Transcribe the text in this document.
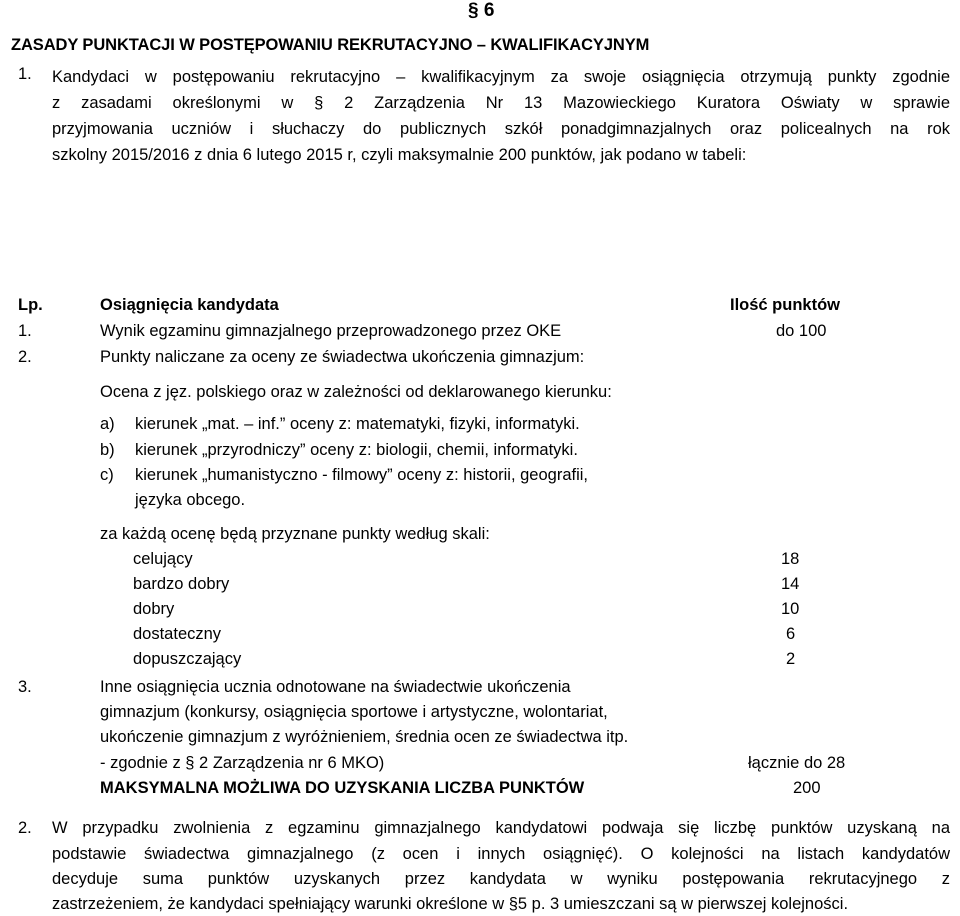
§ 6
ZASADY PUNKTACJI W POSTĘPOWANIU REKRUTACYJNO – KWALIFIKACYJNYM
1. Kandydaci w postępowaniu rekrutacyjno – kwalifikacyjnym za swoje osiągnięcia otrzymują punkty zgodnie
z zasadami określonymi w § 2 Zarządzenia Nr 13 Mazowieckiego Kuratora Oświaty w sprawie
przyjmowania uczniów i słuchaczy do publicznych szkół ponadgimnazjalnych oraz policealnych na rok
szkolny 2015/2016 z dnia 6 lutego 2015 r, czyli maksymalnie 200 punktów, jak podano w tabeli:
Lp.	Osiągnięcia kandydata	Ilość punktów
1.	Wynik egzaminu gimnazjalnego przeprowadzonego przez OKE	do 100
2.	Punkty naliczane za oceny ze świadectwa ukończenia gimnazjum:
Ocena z jęz. polskiego oraz w zależności od deklarowanego kierunku:
a) kierunek „mat. – inf.” oceny z: matematyki, fizyki, informatyki.
b) kierunek „przyrodniczy” oceny z: biologii, chemii, informatyki.
c) kierunek „humanistyczno - filmowy” oceny z: historii, geografii,
języka obcego.
za każdą ocenę będą przyznane punkty według skali:
celujący	18
bardzo dobry	14
dobry	10
dostateczny	6
dopuszczający	2
3.	Inne osiągnięcia ucznia odnotowane na świadectwie ukończenia
gimnazjum (konkursy, osiągnięcia sportowe i artystyczne, wolontariat,
ukończenie gimnazjum z wyróżnieniem, średnia ocen ze świadectwa itp.
- zgodnie z § 2 Zarządzenia nr 6 MKO)	łącznie do 28
MAKSYMALNA MOŻLIWA DO UZYSKANIA LICZBA PUNKTÓW	200
2. W przypadku zwolnienia z egzaminu gimnazjalnego kandydatowi podwaja się liczbę punktów uzyskaną na
podstawie świadectwa gimnazjalnego (z ocen i innych osiągnięć). O kolejności na listach kandydatów
decyduje suma punktów uzyskanych przez kandydata w wyniku postępowania rekrutacyjnego z
zastrzeżeniem, że kandydaci spełniający warunki określone w §5 p. 3 umieszczani są w pierwszej kolejności.
